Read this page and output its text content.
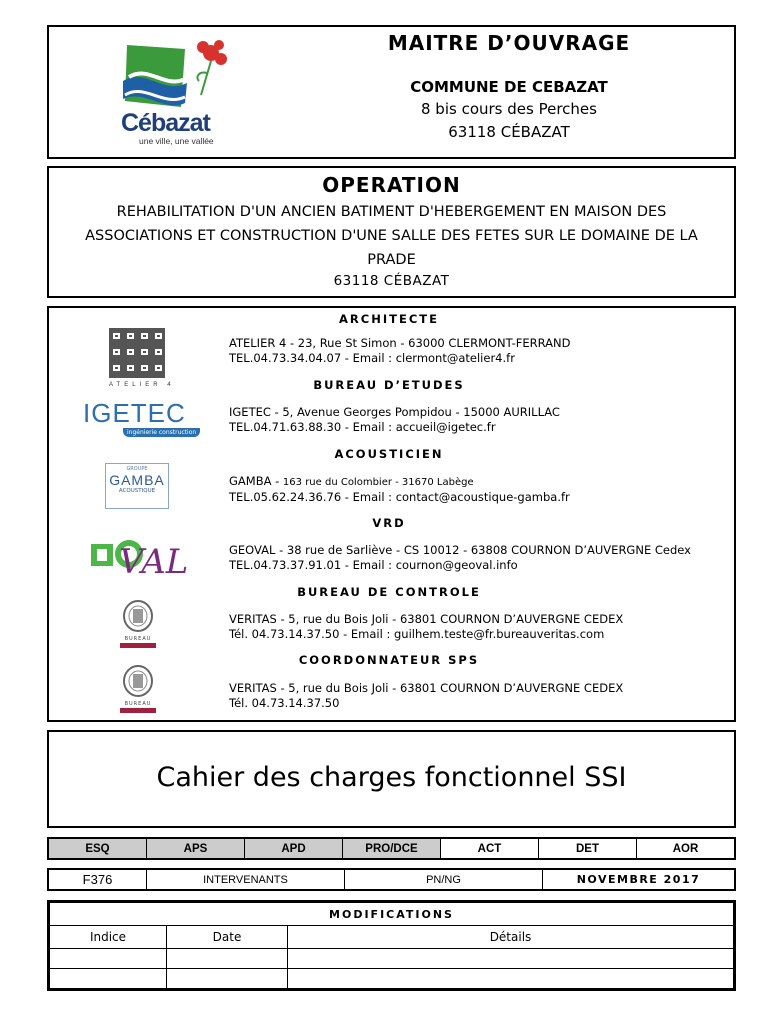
Cébazat
une ville, une vallée
MAITRE D’OUVRAGE
COMMUNE DE CEBAZAT
8 bis cours des Perches
63118 CÉBAZAT
OPERATION
REHABILITATION D'UN ANCIEN BATIMENT D'HEBERGEMENT EN MAISON DES ASSOCIATIONS ET CONSTRUCTION D'UNE SALLE DES FETES SUR LE DOMAINE DE LA PRADE
63118 CÉBAZAT
ARCHITECTE
ATELIER 4
ATELIER 4 - 23, Rue St Simon - 63000 CLERMONT-FERRAND
TEL.04.73.34.04.07 - Email : clermont@atelier4.fr
BUREAU D’ETUDES
IGETEC
ingénierie construction
IGETEC - 5, Avenue Georges Pompidou - 15000 AURILLAC
TEL.04.71.63.88.30 - Email : accueil@igetec.fr
ACOUSTICIEN
GROUPE
GAMBA
ACOUSTIQUE
GAMBA - 163 rue du Colombier - 31670 Labège
TEL.05.62.24.36.76 - Email : contact@acoustique-gamba.fr
VRD
VAL	GEOVAL - 38 rue de Sarliève - CS 10012 - 63808 COURNON D’AUVERGNE Cedex
TEL.04.73.37.91.01 - Email : cournon@geoval.info
BUREAU DE CONTROLE
BUREAU
VERITAS - 5, rue du Bois Joli - 63801 COURNON D’AUVERGNE CEDEX
Tél. 04.73.14.37.50 - Email : guilhem.teste@fr.bureauveritas.com
COORDONNATEUR SPS
BUREAU
VERITAS - 5, rue du Bois Joli - 63801 COURNON D’AUVERGNE CEDEX
Tél. 04.73.14.37.50
Cahier des charges fonctionnel SSI
ESQ	APS	APD	PRO/DCE	ACT	DET	AOR
F376	INTERVENANTS	PN/NG	NOVEMBRE 2017
MODIFICATIONS		
Indice	Date	Détails
